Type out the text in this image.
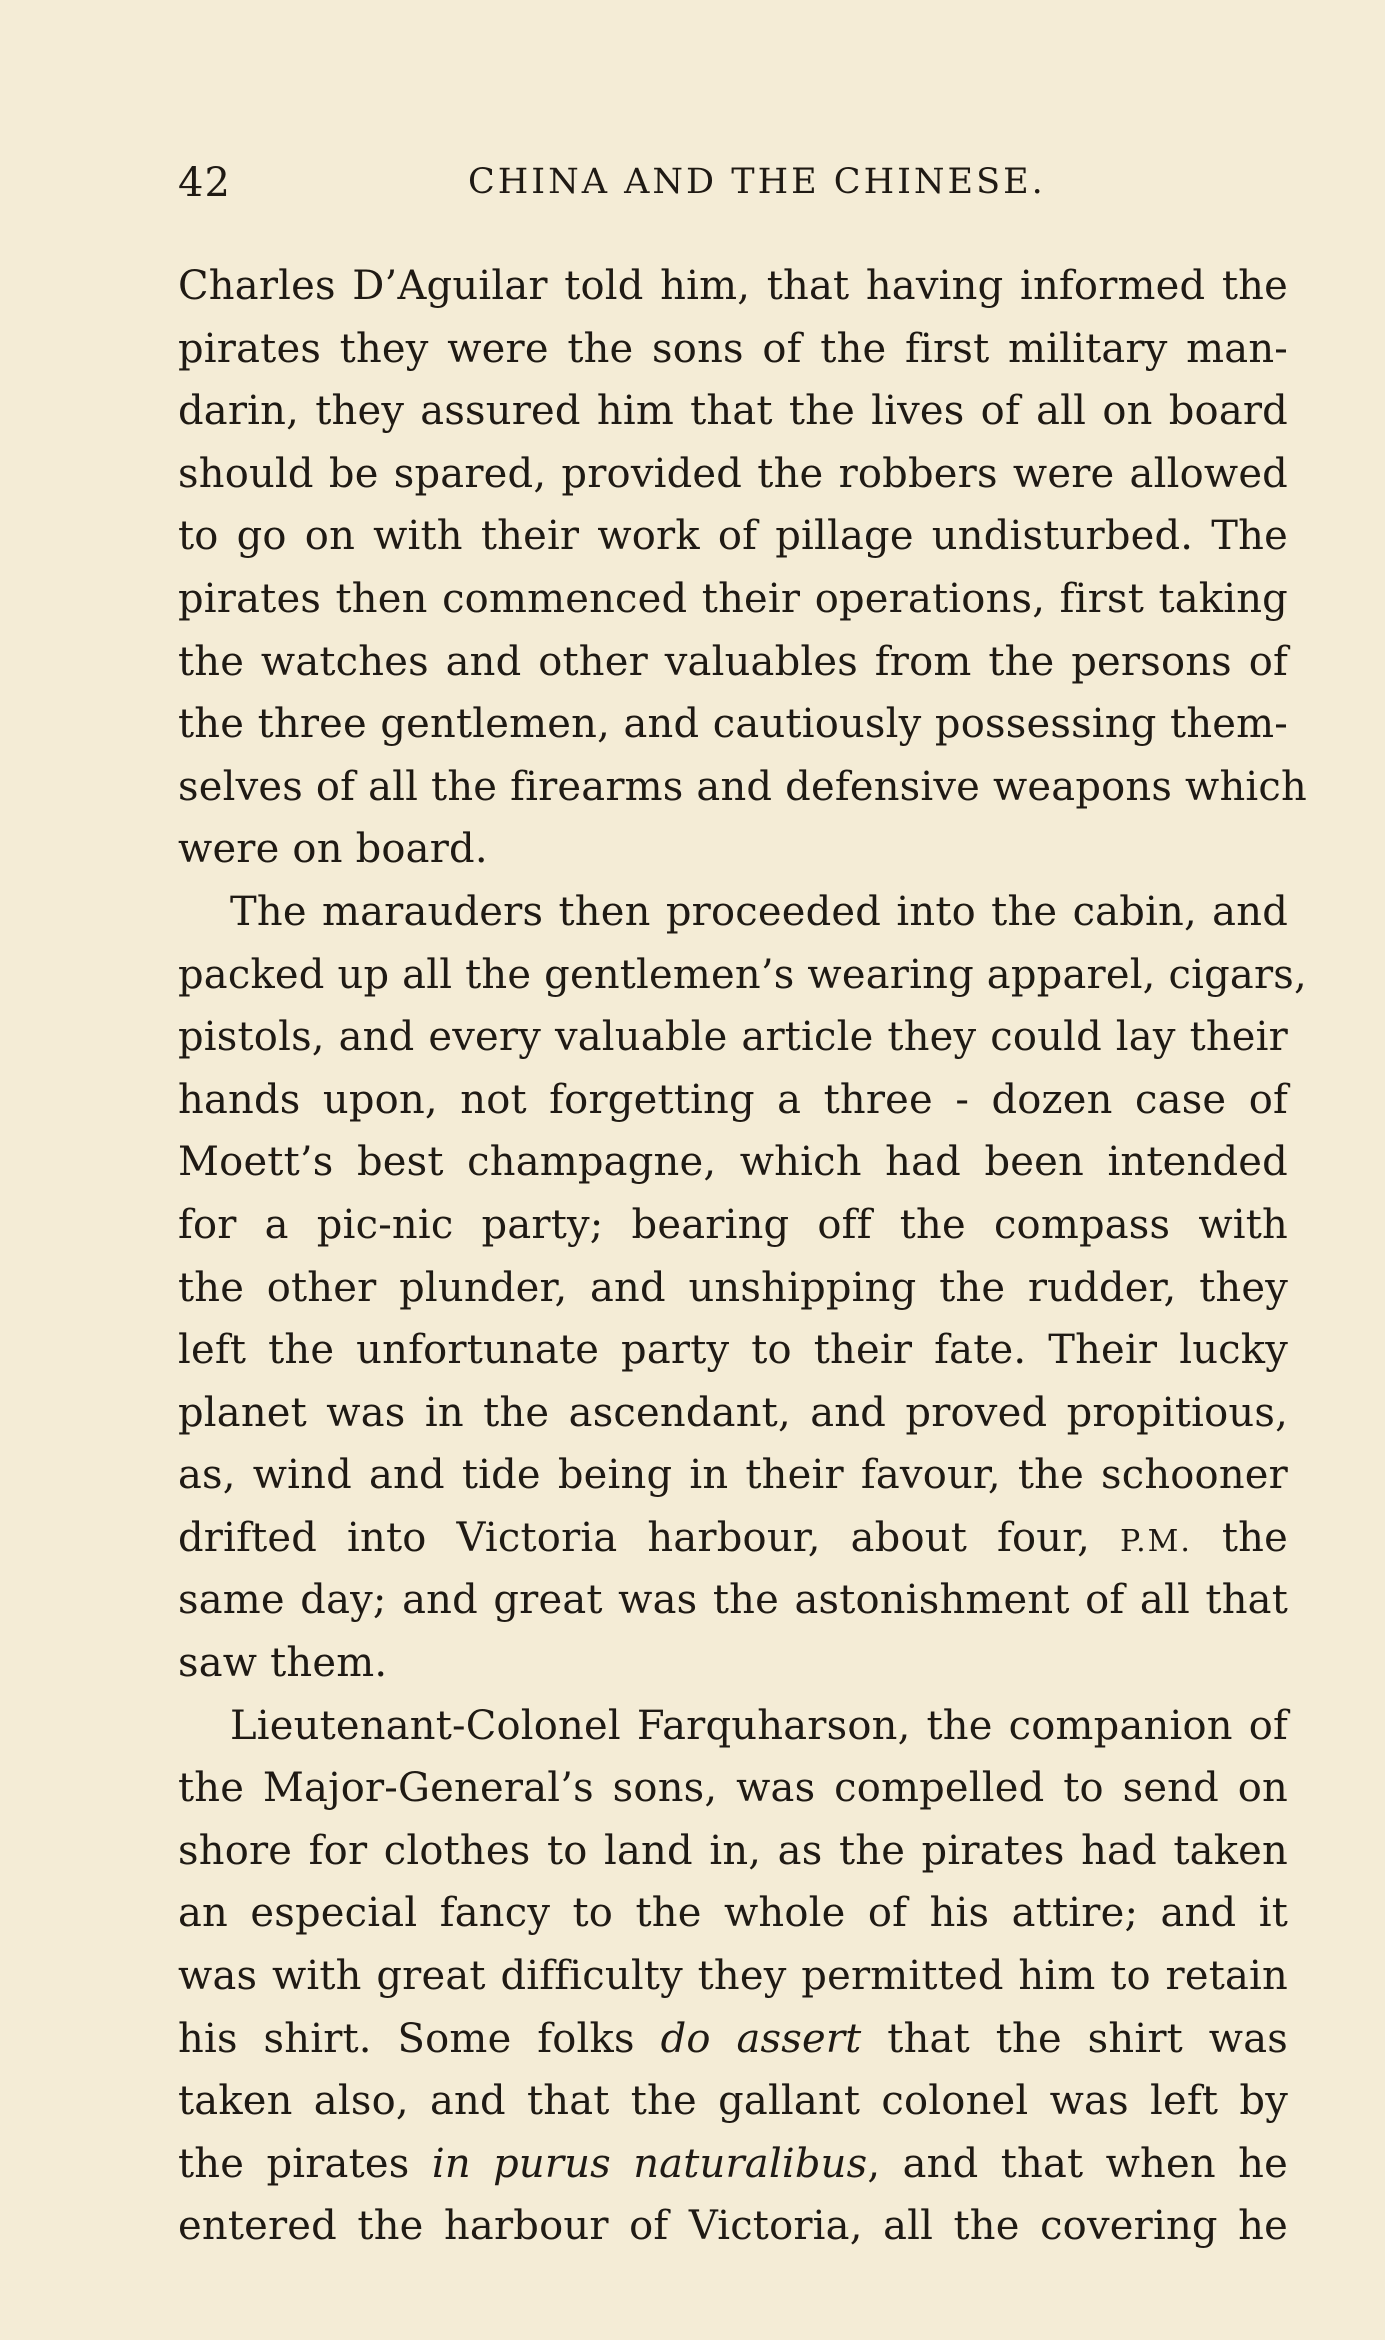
42	CHINA AND THE CHINESE.
Charles D’Aguilar told him, that having informed the
pirates they were the sons of the first military man-
darin, they assured him that the lives of all on board
should be spared, provided the robbers were allowed
to go on with their work of pillage undisturbed. The
pirates then commenced their operations, first taking
the watches and other valuables from the persons of
the three gentlemen, and cautiously possessing them-
selves of all the firearms and defensive weapons which
were on board.
The marauders then proceeded into the cabin, and
packed up all the gentlemen’s wearing apparel, cigars,
pistols, and every valuable article they could lay their
hands upon, not forgetting a three - dozen case of
Moett’s best champagne, which had been intended
for a pic-nic party; bearing off the compass with
the other plunder, and unshipping the rudder, they
left the unfortunate party to their fate. Their lucky
planet was in the ascendant, and proved propitious,
as, wind and tide being in their favour, the schooner
drifted into Victoria harbour, about four, P.M. the
same day; and great was the astonishment of all that
saw them.
Lieutenant-Colonel Farquharson, the companion of
the Major-General’s sons, was compelled to send on
shore for clothes to land in, as the pirates had taken
an especial fancy to the whole of his attire; and it
was with great difficulty they permitted him to retain
his shirt. Some folks do assert that the shirt was
taken also, and that the gallant colonel was left by
the pirates in purus naturalibus, and that when he
entered the harbour of Victoria, all the covering he
